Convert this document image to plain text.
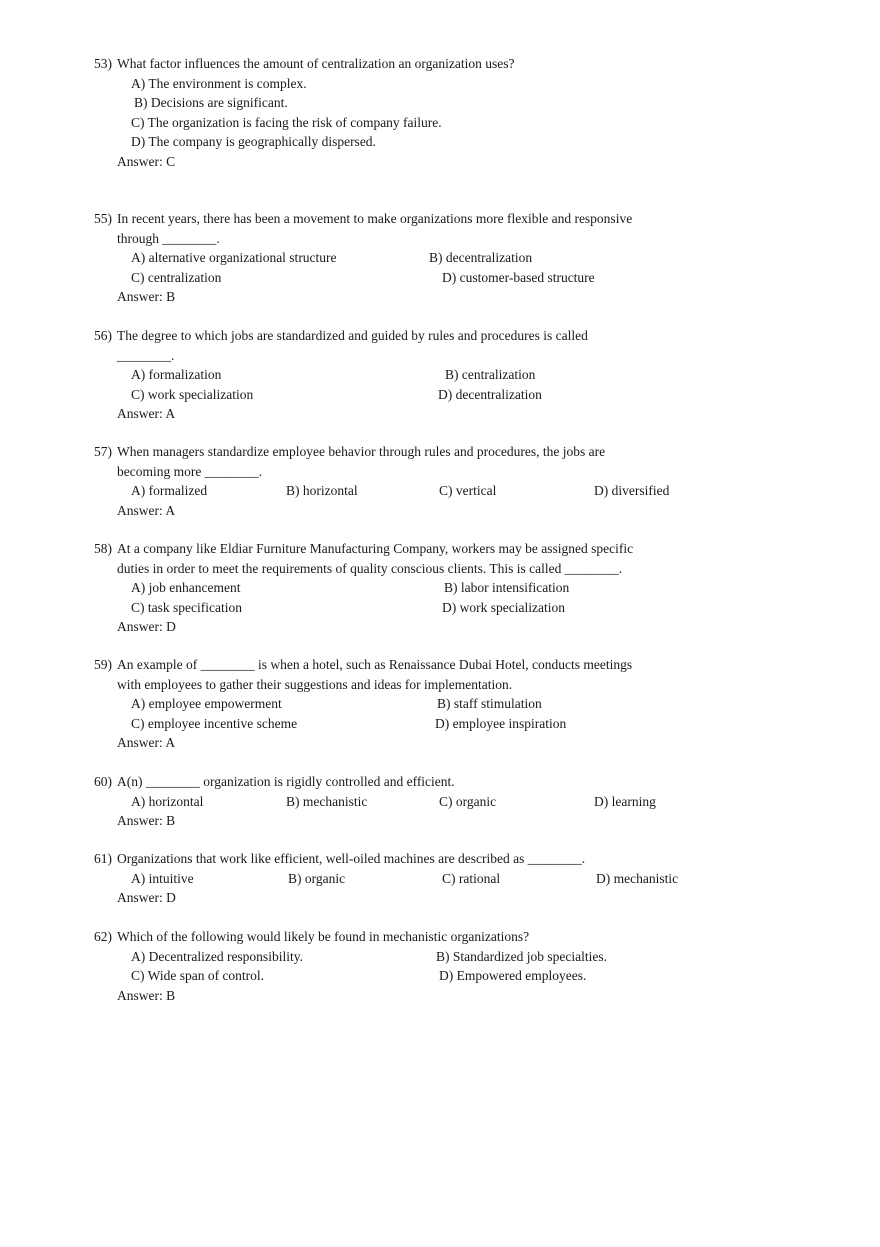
53) What factor influences the amount of centralization an organization uses?
A) The environment is complex.
B) Decisions are significant.
C) The organization is facing the risk of company failure.
D) The company is geographically dispersed.
Answer: C
55) In recent years, there has been a movement to make organizations more flexible and responsive
through ________.
A) alternative organizational structure	B) decentralization
C) centralization	D) customer-based structure
Answer: B
56) The degree to which jobs are standardized and guided by rules and procedures is called
________.
A) formalization	B) centralization
C) work specialization	D) decentralization
Answer: A
57) When managers standardize employee behavior through rules and procedures, the jobs are
becoming more ________.
A) formalized	B) horizontal	C) vertical	D) diversified
Answer: A
58) At a company like Eldiar Furniture Manufacturing Company, workers may be assigned specific
duties in order to meet the requirements of quality conscious clients. This is called ________.
A) job enhancement	B) labor intensification
C) task specification	D) work specialization
Answer: D
59) An example of ________ is when a hotel, such as Renaissance Dubai Hotel, conducts meetings
with employees to gather their suggestions and ideas for implementation.
A) employee empowerment	B) staff stimulation
C) employee incentive scheme	D) employee inspiration
Answer: A
60) A(n) ________ organization is rigidly controlled and efficient.
A) horizontal	B) mechanistic	C) organic	D) learning
Answer: B
61) Organizations that work like efficient, well-oiled machines are described as ________.
A) intuitive	B) organic	C) rational	D) mechanistic
Answer: D
62) Which of the following would likely be found in mechanistic organizations?
A) Decentralized responsibility.	B) Standardized job specialties.
C) Wide span of control.	D) Empowered employees.
Answer: B
